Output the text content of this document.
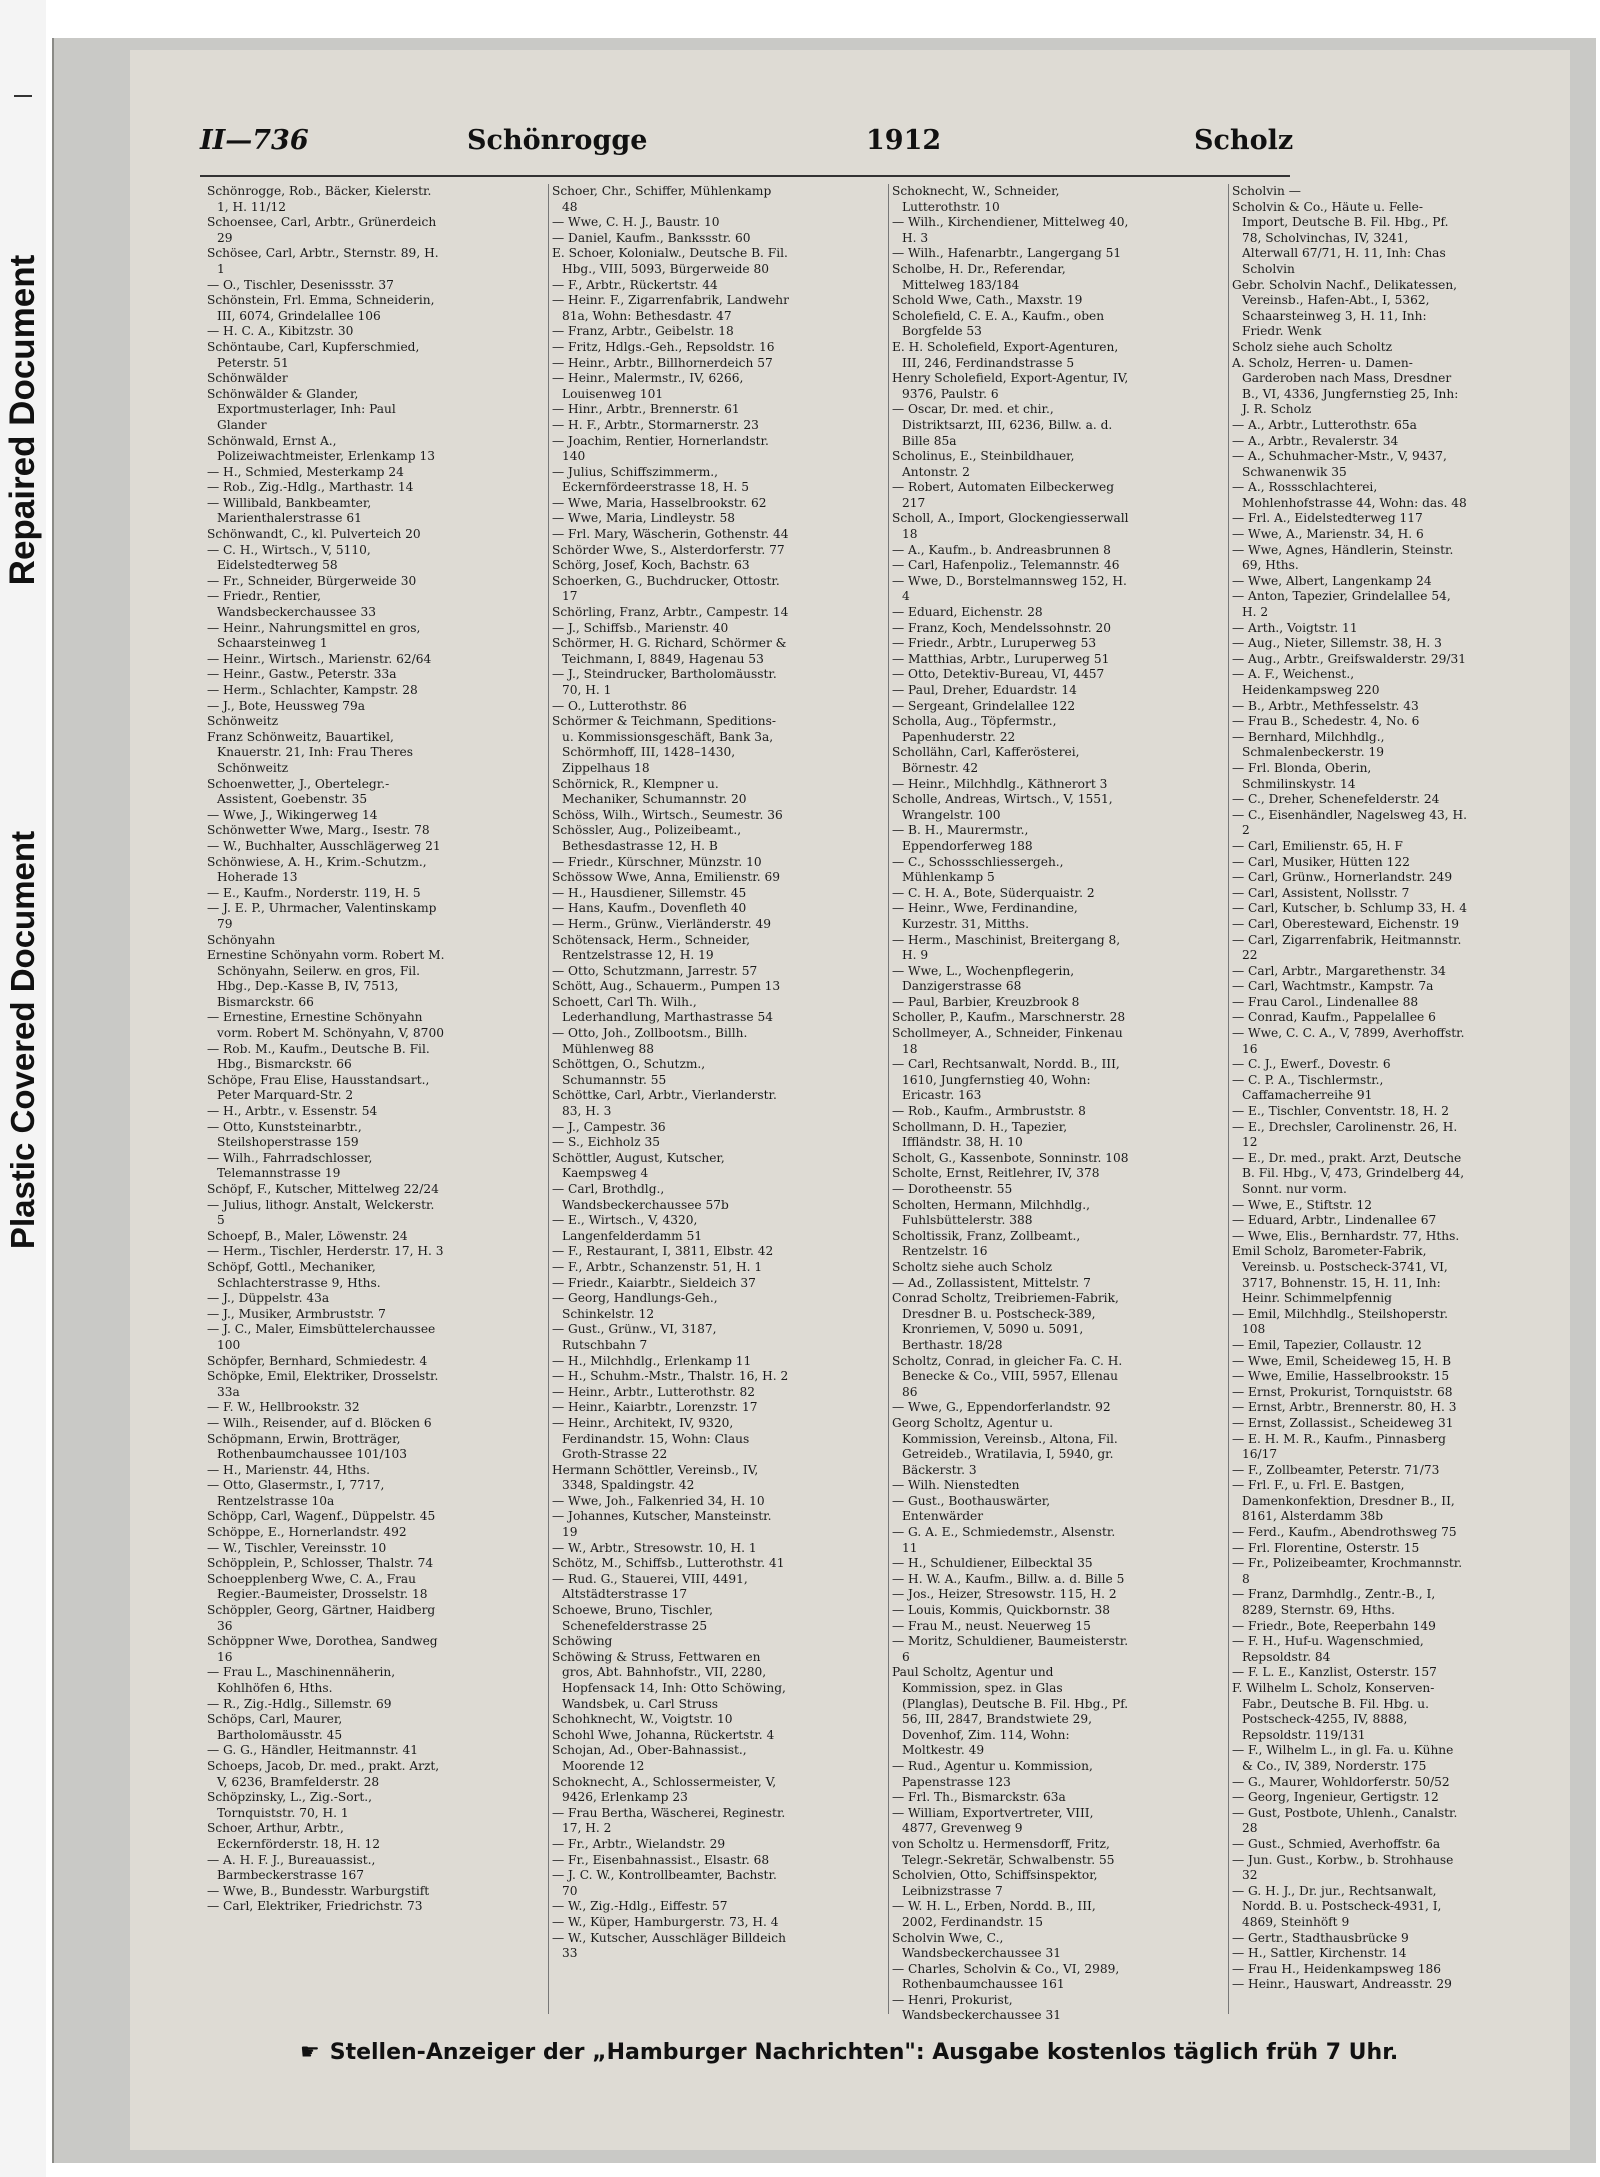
Repaired Document
Plastic Covered Document
II—736	Schönrogge	1912	Scholz

Schönrogge, Rob., Bäcker, Kielerstr. 1, H. 11/12

Schoensee, Carl, Arbtr., Grünerdeich 29

Schösee, Carl, Arbtr., Sternstr. 89, H. 1

— O., Tischler, Desenissstr. 37

Schönstein, Frl. Emma, Schneiderin, III, 6074, Grindelallee 106

— H. C. A., Kibitzstr. 30

Schöntaube, Carl, Kupferschmied, Peterstr. 51

Schönwälder

Schönwälder & Glander, Exportmusterlager, Inh: Paul Glander

Schönwald, Ernst A., Polizeiwachtmeister, Erlenkamp 13

— H., Schmied, Mesterkamp 24

— Rob., Zig.-Hdlg., Marthastr. 14

— Willibald, Bankbeamter, Marienthalerstrasse 61

Schönwandt, C., kl. Pulverteich 20

— C. H., Wirtsch., V, 5110, Eidelstedterweg 58

— Fr., Schneider, Bürgerweide 30

— Friedr., Rentier, Wandsbeckerchaussee 33

— Heinr., Nahrungsmittel en gros, Schaarsteinweg 1

— Heinr., Wirtsch., Marienstr. 62/64

— Heinr., Gastw., Peterstr. 33a

— Herm., Schlachter, Kampstr. 28

— J., Bote, Heussweg 79a

Schönweitz

Franz Schönweitz, Bauartikel, Knauerstr. 21, Inh: Frau Theres Schönweitz

Schoenwetter, J., Obertelegr.-Assistent, Goebenstr. 35

— Wwe, J., Wikingerweg 14

Schönwetter Wwe, Marg., Isestr. 78

— W., Buchhalter, Ausschlägerweg 21

Schönwiese, A. H., Krim.-Schutzm., Hoherade 13

— E., Kaufm., Norderstr. 119, H. 5

— J. E. P., Uhrmacher, Valentinskamp 79

Schönyahn

Ernestine Schönyahn vorm. Robert M. Schönyahn, Seilerw. en gros, Fil. Hbg., Dep.-Kasse B, IV, 7513, Bismarckstr. 66

— Ernestine, Ernestine Schönyahn vorm. Robert M. Schönyahn, V, 8700

— Rob. M., Kaufm., Deutsche B. Fil. Hbg., Bismarckstr. 66

Schöpe, Frau Elise, Hausstandsart., Peter Marquard-Str. 2

— H., Arbtr., v. Essenstr. 54

— Otto, Kunststeinarbtr., Steilshoperstrasse 159

— Wilh., Fahrradschlosser, Telemannstrasse 19

Schöpf, F., Kutscher, Mittelweg 22/24

— Julius, lithogr. Anstalt, Welckerstr. 5

Schoepf, B., Maler, Löwenstr. 24

— Herm., Tischler, Herderstr. 17, H. 3

Schöpf, Gottl., Mechaniker, Schlachterstrasse 9, Hths.

— J., Düppelstr. 43a

— J., Musiker, Armbruststr. 7

— J. C., Maler, Eimsbüttelerchaussee 100

Schöpfer, Bernhard, Schmiedestr. 4

Schöpke, Emil, Elektriker, Drosselstr. 33a

— F. W., Hellbrookstr. 32

— Wilh., Reisender, auf d. Blöcken 6

Schöpmann, Erwin, Brotträger, Rothenbaumchaussee 101/103

— H., Marienstr. 44, Hths.

— Otto, Glasermstr., I, 7717, Rentzelstrasse 10a

Schöpp, Carl, Wagenf., Düppelstr. 45

Schöppe, E., Hornerlandstr. 492

— W., Tischler, Vereinsstr. 10

Schöpplein, P., Schlosser, Thalstr. 74

Schoepplenberg Wwe, C. A., Frau Regier.-Baumeister, Drosselstr. 18

Schöppler, Georg, Gärtner, Haidberg 36

Schöppner Wwe, Dorothea, Sandweg 16

— Frau L., Maschinennäherin, Kohlhöfen 6, Hths.

— R., Zig.-Hdlg., Sillemstr. 69

Schöps, Carl, Maurer, Bartholomäusstr. 45

— G. G., Händler, Heitmannstr. 41

Schoeps, Jacob, Dr. med., prakt. Arzt, V, 6236, Bramfelderstr. 28

Schöpzinsky, L., Zig.-Sort., Tornquiststr. 70, H. 1

Schoer, Arthur, Arbtr., Eckernförderstr. 18, H. 12

— A. H. F. J., Bureauassist., Barmbeckerstrasse 167

— Wwe, B., Bundesstr. Warburgstift

— Carl, Elektriker, Friedrichstr. 73

Schoer, Chr., Schiffer, Mühlenkamp 48

— Wwe, C. H. J., Baustr. 10

— Daniel, Kaufm., Bankssstr. 60

E. Schoer, Kolonialw., Deutsche B. Fil. Hbg., VIII, 5093, Bürgerweide 80

— F., Arbtr., Rückertstr. 44

— Heinr. F., Zigarrenfabrik, Landwehr 81a, Wohn: Bethesdastr. 47

— Franz, Arbtr., Geibelstr. 18

— Fritz, Hdlgs.-Geh., Repsoldstr. 16

— Heinr., Arbtr., Billhornerdeich 57

— Heinr., Malermstr., IV, 6266, Louisenweg 101

— Hinr., Arbtr., Brennerstr. 61

— H. F., Arbtr., Stormarnerstr. 23

— Joachim, Rentier, Hornerlandstr. 140

— Julius, Schiffszimmerm., Eckernfördeerstrasse 18, H. 5

— Wwe, Maria, Hasselbrookstr. 62

— Wwe, Maria, Lindleystr. 58

— Frl. Mary, Wäscherin, Gothenstr. 44

Schörder Wwe, S., Alsterdorferstr. 77

Schörg, Josef, Koch, Bachstr. 63

Schoerken, G., Buchdrucker, Ottostr. 17

Schörling, Franz, Arbtr., Campestr. 14

— J., Schiffsb., Marienstr. 40

Schörmer, H. G. Richard, Schörmer & Teichmann, I, 8849, Hagenau 53

— J., Steindrucker, Bartholomäusstr. 70, H. 1

— O., Lutterothstr. 86

Schörmer & Teichmann, Speditions- u. Kommissionsgeschäft, Bank 3a, Schörmhoff, III, 1428–1430, Zippelhaus 18

Schörnick, R., Klempner u. Mechaniker, Schumannstr. 20

Schöss, Wilh., Wirtsch., Seumestr. 36

Schössler, Aug., Polizeibeamt., Bethesdastrasse 12, H. B

— Friedr., Kürschner, Münzstr. 10

Schössow Wwe, Anna, Emilienstr. 69

— H., Hausdiener, Sillemstr. 45

— Hans, Kaufm., Dovenfleth 40

— Herm., Grünw., Vierländerstr. 49

Schötensack, Herm., Schneider, Rentzelstrasse 12, H. 19

— Otto, Schutzmann, Jarrestr. 57

Schött, Aug., Schauerm., Pumpen 13

Schoett, Carl Th. Wilh., Lederhandlung, Marthastrasse 54

— Otto, Joh., Zollbootsm., Billh. Mühlenweg 88

Schöttgen, O., Schutzm., Schumannstr. 55

Schöttke, Carl, Arbtr., Vierlanderstr. 83, H. 3

— J., Campestr. 36

— S., Eichholz 35

Schöttler, August, Kutscher, Kaempsweg 4

— Carl, Brothdlg., Wandsbeckerchaussee 57b

— E., Wirtsch., V, 4320, Langenfelderdamm 51

— F., Restaurant, I, 3811, Elbstr. 42

— F., Arbtr., Schanzenstr. 51, H. 1

— Friedr., Kaiarbtr., Sieldeich 37

— Georg, Handlungs-Geh., Schinkelstr. 12

— Gust., Grünw., VI, 3187, Rutschbahn 7

— H., Milchhdlg., Erlenkamp 11

— H., Schuhm.-Mstr., Thalstr. 16, H. 2

— Heinr., Arbtr., Lutterothstr. 82

— Heinr., Kaiarbtr., Lorenzstr. 17

— Heinr., Architekt, IV, 9320, Ferdinandstr. 15, Wohn: Claus Groth-Strasse 22

Hermann Schöttler, Vereinsb., IV, 3348, Spaldingstr. 42

— Wwe, Joh., Falkenried 34, H. 10

— Johannes, Kutscher, Mansteinstr. 19

— W., Arbtr., Stresowstr. 10, H. 1

Schötz, M., Schiffsb., Lutterothstr. 41

— Rud. G., Stauerei, VIII, 4491, Altstädterstrasse 17

Schoewe, Bruno, Tischler, Schenefelderstrasse 25

Schöwing

Schöwing & Struss, Fettwaren en gros, Abt. Bahnhofstr., VII, 2280, Hopfensack 14, Inh: Otto Schöwing, Wandsbek, u. Carl Struss

Schohknecht, W., Voigtstr. 10

Schohl Wwe, Johanna, Rückertstr. 4

Schojan, Ad., Ober-Bahnassist., Moorende 12

Schoknecht, A., Schlossermeister, V, 9426, Erlenkamp 23

— Frau Bertha, Wäscherei, Reginestr. 17, H. 2

— Fr., Arbtr., Wielandstr. 29

— Fr., Eisenbahnassist., Elsastr. 68

— J. C. W., Kontrollbeamter, Bachstr. 70

— W., Zig.-Hdlg., Eiffestr. 57

— W., Küper, Hamburgerstr. 73, H. 4

— W., Kutscher, Ausschläger Billdeich 33

Schoknecht, W., Schneider, Lutterothstr. 10

— Wilh., Kirchendiener, Mittelweg 40, H. 3

— Wilh., Hafenarbtr., Langergang 51

Scholbe, H. Dr., Referendar, Mittelweg 183/184

Schold Wwe, Cath., Maxstr. 19

Scholefield, C. E. A., Kaufm., oben Borgfelde 53

E. H. Scholefield, Export-Agenturen, III, 246, Ferdinandstrasse 5

Henry Scholefield, Export-Agentur, IV, 9376, Paulstr. 6

— Oscar, Dr. med. et chir., Distriktsarzt, III, 6236, Billw. a. d. Bille 85a

Scholinus, E., Steinbildhauer, Antonstr. 2

— Robert, Automaten Eilbeckerweg 217

Scholl, A., Import, Glockengiesserwall 18

— A., Kaufm., b. Andreasbrunnen 8

— Carl, Hafenpoliz., Telemannstr. 46

— Wwe, D., Borstelmannsweg 152, H. 4

— Eduard, Eichenstr. 28

— Franz, Koch, Mendelssohnstr. 20

— Friedr., Arbtr., Luruperweg 53

— Matthias, Arbtr., Luruperweg 51

— Otto, Detektiv-Bureau, VI, 4457

— Paul, Dreher, Eduardstr. 14

— Sergeant, Grindelallee 122

Scholla, Aug., Töpfermstr., Papenhuderstr. 22

Schollähn, Carl, Kafferösterei, Börnestr. 42

— Heinr., Milchhdlg., Käthnerort 3

Scholle, Andreas, Wirtsch., V, 1551, Wrangelstr. 100

— B. H., Maurermstr., Eppendorferweg 188

— C., Schossschliessergeh., Mühlenkamp 5

— C. H. A., Bote, Süderquaistr. 2

— Heinr., Wwe, Ferdinandine, Kurzestr. 31, Mitths.

— Herm., Maschinist, Breitergang 8, H. 9

— Wwe, L., Wochenpflegerin, Danzigerstrasse 68

— Paul, Barbier, Kreuzbrook 8

Scholler, P., Kaufm., Marschnerstr. 28

Schollmeyer, A., Schneider, Finkenau 18

— Carl, Rechtsanwalt, Nordd. B., III, 1610, Jungfernstieg 40, Wohn: Ericastr. 163

— Rob., Kaufm., Armbruststr. 8

Schollmann, D. H., Tapezier, Iffländstr. 38, H. 10

Scholt, G., Kassenbote, Sonninstr. 108

Scholte, Ernst, Reitlehrer, IV, 378

— Dorotheenstr. 55

Scholten, Hermann, Milchhdlg., Fuhlsbüttelerstr. 388

Scholtissik, Franz, Zollbeamt., Rentzelstr. 16

Scholtz siehe auch Scholz

— Ad., Zollassistent, Mittelstr. 7

Conrad Scholtz, Treibriemen-Fabrik, Dresdner B. u. Postscheck-389, Kronriemen, V, 5090 u. 5091, Berthastr. 18/28

Scholtz, Conrad, in gleicher Fa. C. H. Benecke & Co., VIII, 5957, Ellenau 86

— Wwe, G., Eppendorferlandstr. 92

Georg Scholtz, Agentur u. Kommission, Vereinsb., Altona, Fil. Getreideb., Wratilavia, I, 5940, gr. Bäckerstr. 3

— Wilh. Nienstedten

— Gust., Boothauswärter, Entenwärder

— G. A. E., Schmiedemstr., Alsenstr. 11

— H., Schuldiener, Eilbecktal 35

— H. W. A., Kaufm., Billw. a. d. Bille 5

— Jos., Heizer, Stresowstr. 115, H. 2

— Louis, Kommis, Quickbornstr. 38

— Frau M., neust. Neuerweg 15

— Moritz, Schuldiener, Baumeisterstr. 6

Paul Scholtz, Agentur und Kommission, spez. in Glas (Planglas), Deutsche B. Fil. Hbg., Pf. 56, III, 2847, Brandstwiete 29, Dovenhof, Zim. 114, Wohn: Moltkestr. 49

— Rud., Agentur u. Kommission, Papenstrasse 123

— Frl. Th., Bismarckstr. 63a

— William, Exportvertreter, VIII, 4877, Grevenweg 9

von Scholtz u. Hermensdorff, Fritz, Telegr.-Sekretär, Schwalbenstr. 55

Scholvien, Otto, Schiffsinspektor, Leibnizstrasse 7

— W. H. L., Erben, Nordd. B., III, 2002, Ferdinandstr. 15

Scholvin Wwe, C., Wandsbeckerchaussee 31

— Charles, Scholvin & Co., VI, 2989, Rothenbaumchaussee 161

— Henri, Prokurist, Wandsbeckerchaussee 31

Scholvin —

Scholvin & Co., Häute u. Felle-Import, Deutsche B. Fil. Hbg., Pf. 78, Scholvinchas, IV, 3241, Alterwall 67/71, H. 11, Inh: Chas Scholvin

Gebr. Scholvin Nachf., Delikatessen, Vereinsb., Hafen-Abt., I, 5362, Schaarsteinweg 3, H. 11, Inh: Friedr. Wenk

Scholz siehe auch Scholtz

A. Scholz, Herren- u. Damen-Garderoben nach Mass, Dresdner B., VI, 4336, Jungfernstieg 25, Inh: J. R. Scholz

— A., Arbtr., Lutterothstr. 65a

— A., Arbtr., Revalerstr. 34

— A., Schuhmacher-Mstr., V, 9437, Schwanenwik 35

— A., Rossschlachterei, Mohlenhofstrasse 44, Wohn: das. 48

— Frl. A., Eidelstedterweg 117

— Wwe, A., Marienstr. 34, H. 6

— Wwe, Agnes, Händlerin, Steinstr. 69, Hths.

— Wwe, Albert, Langenkamp 24

— Anton, Tapezier, Grindelallee 54, H. 2

— Arth., Voigtstr. 11

— Aug., Nieter, Sillemstr. 38, H. 3

— Aug., Arbtr., Greifswalderstr. 29/31

— A. F., Weichenst., Heidenkampsweg 220

— B., Arbtr., Methfesselstr. 43

— Frau B., Schedestr. 4, No. 6

— Bernhard, Milchhdlg., Schmalenbeckerstr. 19

— Frl. Blonda, Oberin, Schmilinskystr. 14

— C., Dreher, Schenefelderstr. 24

— C., Eisenhändler, Nagelsweg 43, H. 2

— Carl, Emilienstr. 65, H. F

— Carl, Musiker, Hütten 122

— Carl, Grünw., Hornerlandstr. 249

— Carl, Assistent, Nollsstr. 7

— Carl, Kutscher, b. Schlump 33, H. 4

— Carl, Oberesteward, Eichenstr. 19

— Carl, Zigarrenfabrik, Heitmannstr. 22

— Carl, Arbtr., Margarethenstr. 34

— Carl, Wachtmstr., Kampstr. 7a

— Frau Carol., Lindenallee 88

— Conrad, Kaufm., Pappelallee 6

— Wwe, C. C. A., V, 7899, Averhoffstr. 16

— C. J., Ewerf., Dovestr. 6

— C. P. A., Tischlermstr., Caffamacherreihe 91

— E., Tischler, Conventstr. 18, H. 2

— E., Drechsler, Carolinenstr. 26, H. 12

— E., Dr. med., prakt. Arzt, Deutsche B. Fil. Hbg., V, 473, Grindelberg 44, Sonnt. nur vorm.

— Wwe, E., Stiftstr. 12

— Eduard, Arbtr., Lindenallee 67

— Wwe, Elis., Bernhardstr. 77, Hths.

Emil Scholz, Barometer-Fabrik, Vereinsb. u. Postscheck-3741, VI, 3717, Bohnenstr. 15, H. 11, Inh: Heinr. Schimmelpfennig

— Emil, Milchhdlg., Steilshoperstr. 108

— Emil, Tapezier, Collaustr. 12

— Wwe, Emil, Scheideweg 15, H. B

— Wwe, Emilie, Hasselbrookstr. 15

— Ernst, Prokurist, Tornquiststr. 68

— Ernst, Arbtr., Brennerstr. 80, H. 3

— Ernst, Zollassist., Scheideweg 31

— E. H. M. R., Kaufm., Pinnasberg 16/17

— F., Zollbeamter, Peterstr. 71/73

— Frl. F., u. Frl. E. Bastgen, Damenkonfektion, Dresdner B., II, 8161, Alsterdamm 38b

— Ferd., Kaufm., Abendrothsweg 75

— Frl. Florentine, Osterstr. 15

— Fr., Polizeibeamter, Krochmannstr. 8

— Franz, Darmhdlg., Zentr.-B., I, 8289, Sternstr. 69, Hths.

— Friedr., Bote, Reeperbahn 149

— F. H., Huf-u. Wagenschmied, Repsoldstr. 84

— F. L. E., Kanzlist, Osterstr. 157

F. Wilhelm L. Scholz, Konserven-Fabr., Deutsche B. Fil. Hbg. u. Postscheck-4255, IV, 8888, Repsoldstr. 119/131

— F., Wilhelm L., in gl. Fa. u. Kühne & Co., IV, 389, Norderstr. 175

— G., Maurer, Wohldorferstr. 50/52

— Georg, Ingenieur, Gertigstr. 12

— Gust, Postbote, Uhlenh., Canalstr. 28

— Gust., Schmied, Averhoffstr. 6a

— Jun. Gust., Korbw., b. Strohhause 32

— G. H. J., Dr. jur., Rechtsanwalt, Nordd. B. u. Postscheck-4931, I, 4869, Steinhöft 9

— Gertr., Stadthausbrücke 9

— H., Sattler, Kirchenstr. 14

— Frau H., Heidenkampsweg 186

— Heinr., Hauswart, Andreasstr. 29

☛ Stellen-Anzeiger der „Hamburger Nachrichten": Ausgabe kostenlos täglich früh 7 Uhr.
